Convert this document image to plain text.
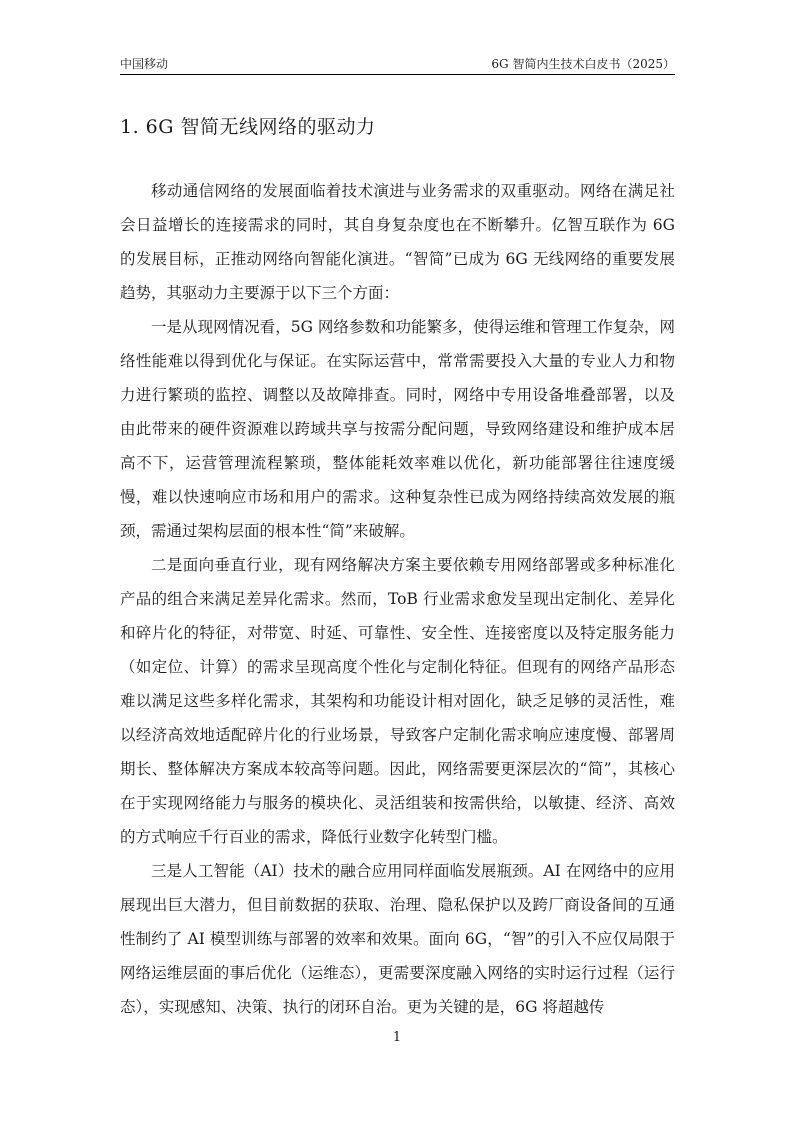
中国移动	6G 智简内生技术白皮书（2025）
1. 6G 智简无线网络的驱动力

移动通信网络的发展面临着技术演进与业务需求的双重驱动。网络在满足社会日益增长的连接需求的同时，其自身复杂度也在不断攀升。亿智互联作为 6G 的发展目标，正推动网络向智能化演进。“智简”已成为 6G 无线网络的重要发展趋势，其驱动力主要源于以下三个方面：

一是从现网情况看，5G 网络参数和功能繁多，使得运维和管理工作复杂，网络性能难以得到优化与保证。在实际运营中，常常需要投入大量的专业人力和物力进行繁琐的监控、调整以及故障排查。同时，网络中专用设备堆叠部署，以及由此带来的硬件资源难以跨域共享与按需分配问题，导致网络建设和维护成本居高不下，运营管理流程繁琐，整体能耗效率难以优化，新功能部署往往速度缓慢，难以快速响应市场和用户的需求。这种复杂性已成为网络持续高效发展的瓶颈，需通过架构层面的根本性“简”来破解。

二是面向垂直行业，现有网络解决方案主要依赖专用网络部署或多种标准化产品的组合来满足差异化需求。然而，ToB 行业需求愈发呈现出定制化、差异化和碎片化的特征，对带宽、时延、可靠性、安全性、连接密度以及特定服务能力（如定位、计算）的需求呈现高度个性化与定制化特征。但现有的网络产品形态难以满足这些多样化需求，其架构和功能设计相对固化，缺乏足够的灵活性，难以经济高效地适配碎片化的行业场景，导致客户定制化需求响应速度慢、部署周期长、整体解决方案成本较高等问题。因此，网络需要更深层次的“简”，其核心在于实现网络能力与服务的模块化、灵活组装和按需供给，以敏捷、经济、高效的方式响应千行百业的需求，降低行业数字化转型门槛。

三是人工智能（AI）技术的融合应用同样面临发展瓶颈。AI 在网络中的应用展现出巨大潜力，但目前数据的获取、治理、隐私保护以及跨厂商设备间的互通性制约了 AI 模型训练与部署的效率和效果。面向 6G，“智”的引入不应仅局限于网络运维层面的事后优化（运维态），更需要深度融入网络的实时运行过程（运行态），实现感知、决策、执行的闭环自治。更为关键的是，6G 将超越传

1
